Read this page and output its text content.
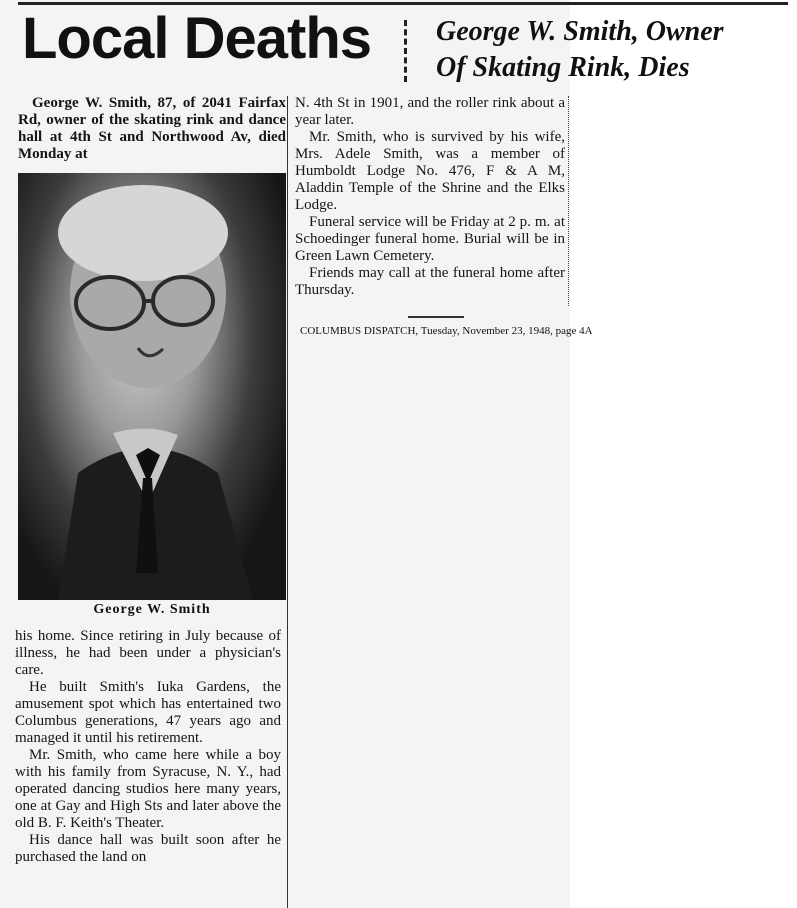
Local Deaths George W. Smith, Owner
Of Skating Rink, Dies

George W. Smith, 87, of 2041 Fairfax Rd, owner of the skating rink and dance hall at 4th St and Northwood Av, died Monday at

George W. Smith

his home. Since retiring in July because of illness, he had been under a physician's care.

He built Smith's Iuka Gardens, the amusement spot which has entertained two Columbus generations, 47 years ago and managed it until his retirement.

Mr. Smith, who came here while a boy with his family from Syracuse, N. Y., had operated dancing studios here many years, one at Gay and High Sts and later above the old B. F. Keith's Theater.

His dance hall was built soon after he purchased the land on

N. 4th St in 1901, and the roller rink about a year later.

Mr. Smith, who is survived by his wife, Mrs. Adele Smith, was a member of Humboldt Lodge No. 476, F & A M, Aladdin Temple of the Shrine and the Elks Lodge.

Funeral service will be Friday at 2 p. m. at Schoedinger funeral home. Burial will be in Green Lawn Cemetery.

Friends may call at the funeral home after Thursday.

COLUMBUS DISPATCH, Tuesday, November 23, 1948, page 4A
